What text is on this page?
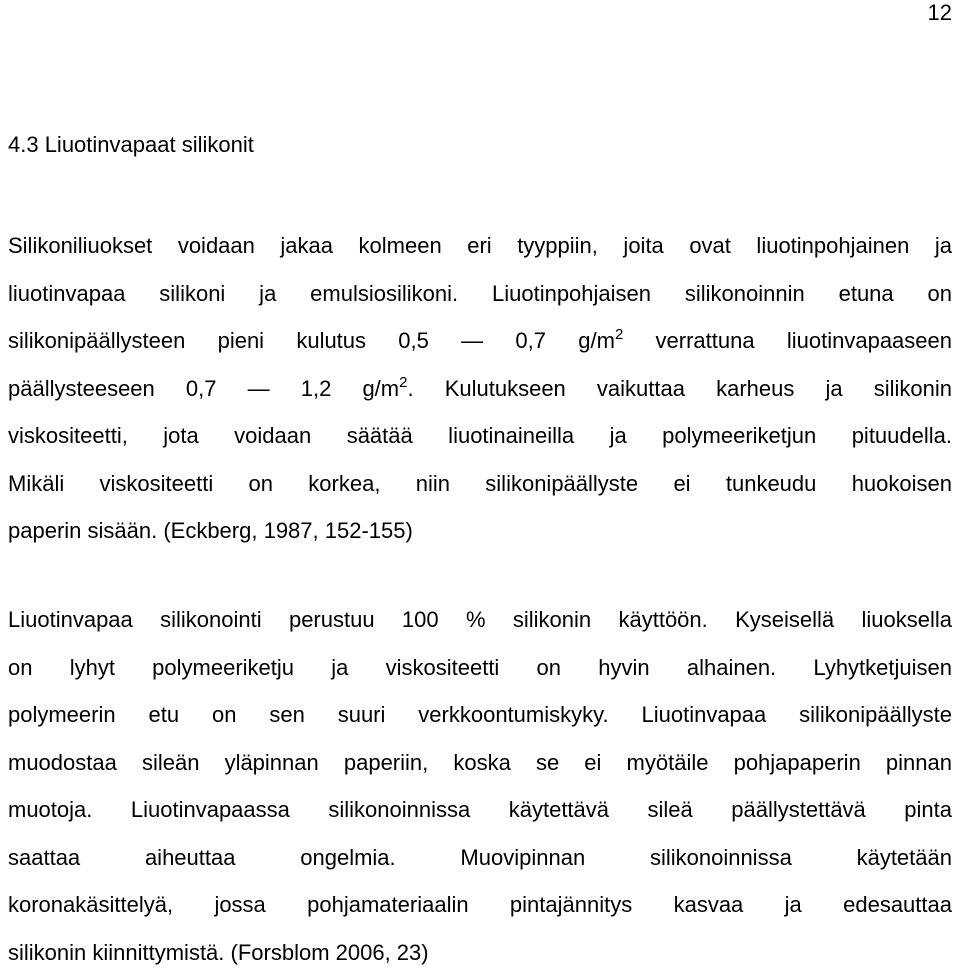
12
4.3 Liuotinvapaat silikonit

Silikoniliuokset voidaan jakaa kolmeen eri tyyppiin, joita ovat liuotinpohjainen ja
liuotinvapaa silikoni ja emulsiosilikoni. Liuotinpohjaisen silikonoinnin etuna on
silikonipäällysteen pieni kulutus 0,5 — 0,7 $g/m^2$ verrattuna liuotinvapaaseen
päällysteeseen 0,7 — 1,2 $g/m^2$. Kulutukseen vaikuttaa karheus ja silikonin
viskositeetti, jota voidaan säätää liuotinaineilla ja polymeeriketjun pituudella.
Mikäli viskositeetti on korkea, niin silikonipäällyste ei tunkeudu huokoisen
paperin sisään. (Eckberg, 1987, 152-155)

Liuotinvapaa silikonointi perustuu 100 % silikonin käyttöön. Kyseisellä liuoksella
on lyhyt polymeeriketju ja viskositeetti on hyvin alhainen. Lyhytketjuisen
polymeerin etu on sen suuri verkkoontumiskyky. Liuotinvapaa silikonipäällyste
muodostaa sileän yläpinnan paperiin, koska se ei myötäile pohjapaperin pinnan
muotoja. Liuotinvapaassa silikonoinnissa käytettävä sileä päällystettävä pinta
saattaa aiheuttaa ongelmia. Muovipinnan silikonoinnissa käytetään
koronakäsittelyä, jossa pohjamateriaalin pintajännitys kasvaa ja edesauttaa
silikonin kiinnittymistä. (Forsblom 2006, 23)
